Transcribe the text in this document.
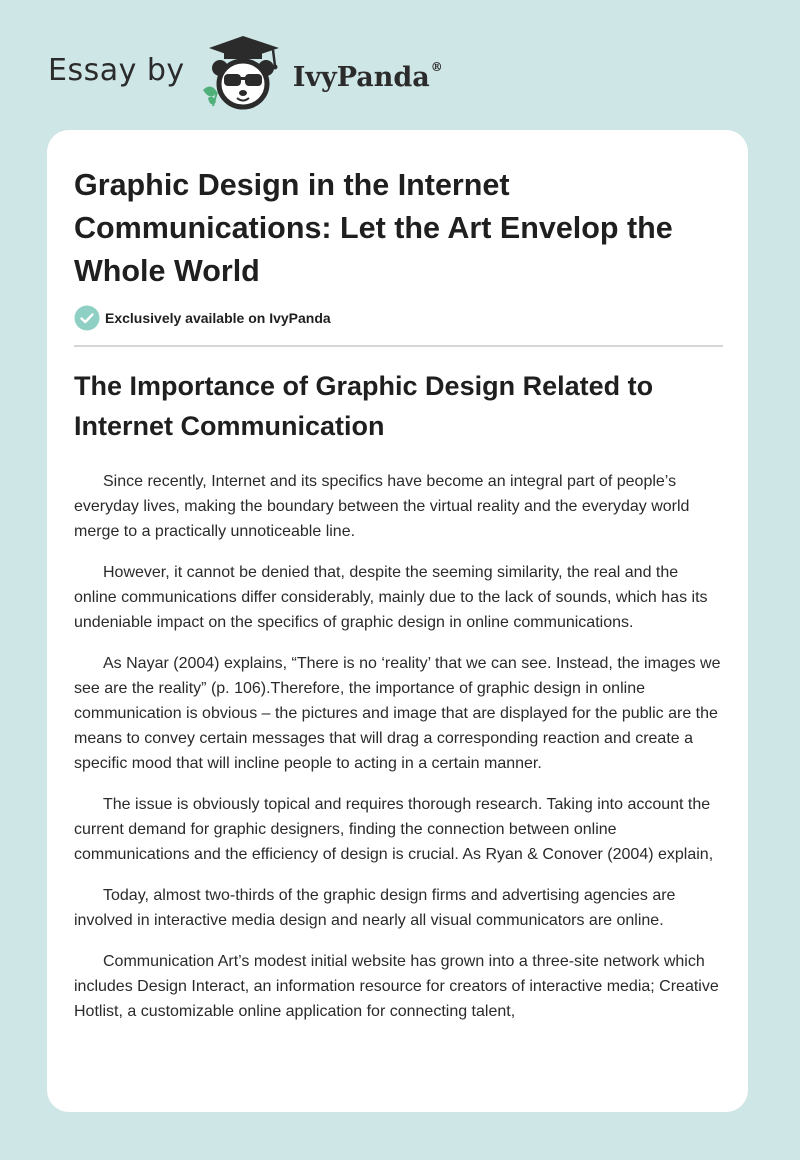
Essay by	IvyPanda®
Graphic Design in the Internet Communications: Let the Art Envelop the Whole World
Exclusively available on IvyPanda
The Importance of Graphic Design Related to Internet Communication

Since recently, Internet and its specifics have become an integral part of people’s everyday lives, making the boundary between the virtual reality and the everyday world merge to a practically unnoticeable line.

However, it cannot be denied that, despite the seeming similarity, the real and the online communications differ considerably, mainly due to the lack of sounds, which has its undeniable impact on the specifics of graphic design in online communications.

As Nayar (2004) explains, “There is no ‘reality’ that we can see. Instead, the images we see are the reality” (p. 106).Therefore, the importance of graphic design in online communication is obvious – the pictures and image that are displayed for the public are the means to convey certain messages that will drag a corresponding reaction and create a specific mood that will incline people to acting in a certain manner.

The issue is obviously topical and requires thorough research. Taking into account the current demand for graphic designers, finding the connection between online communications and the efficiency of design is crucial. As Ryan & Conover (2004) explain,

Today, almost two-thirds of the graphic design firms and advertising agencies are involved in interactive media design and nearly all visual communicators are online.

Communication Art’s modest initial website has grown into a three-site network which includes Design Interact, an information resource for creators of interactive media; Creative Hotlist, a customizable online application for connecting talent,
